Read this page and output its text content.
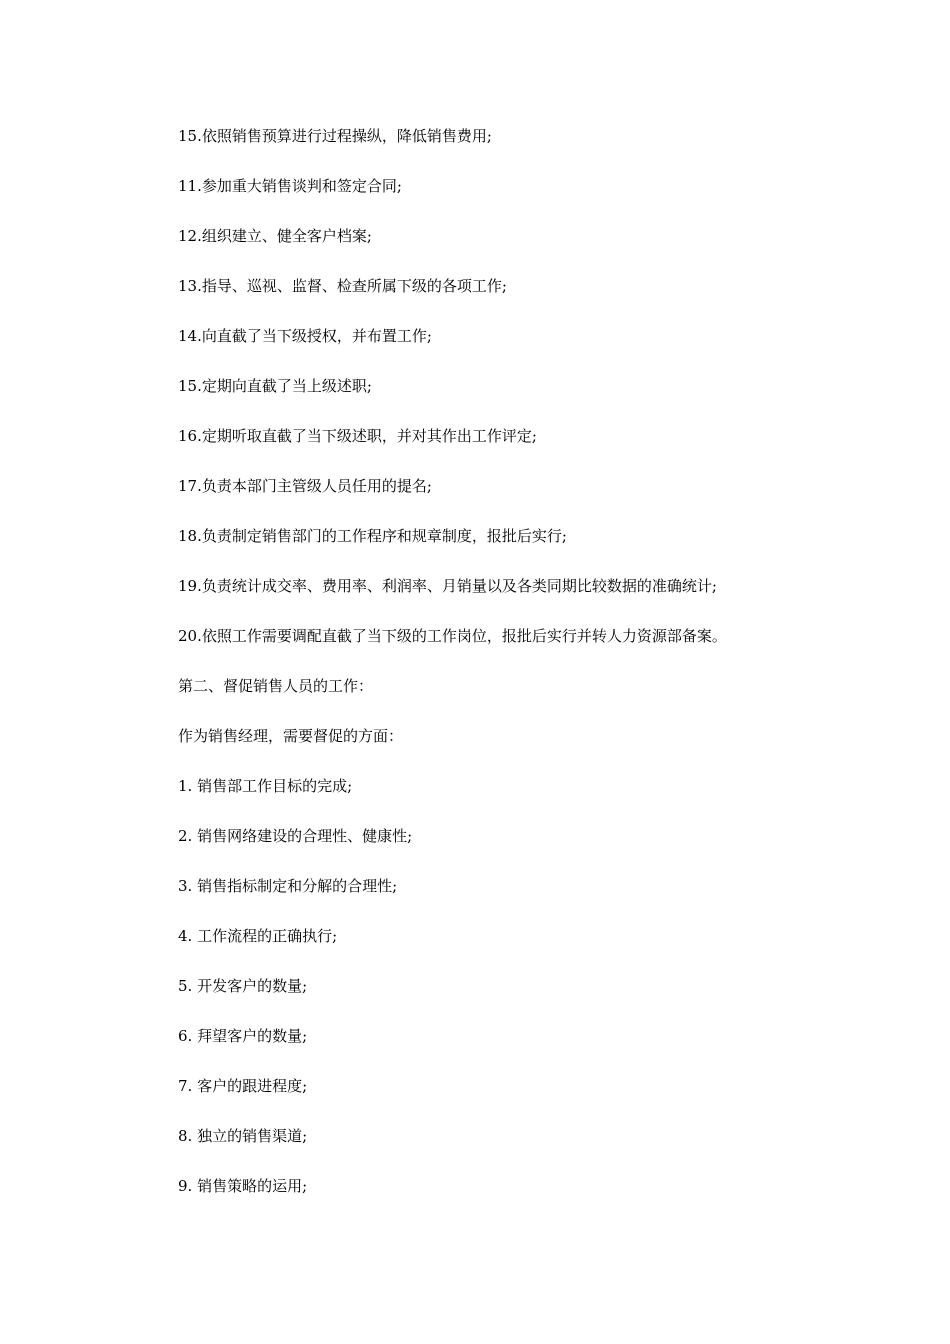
15.依照销售预算进行过程操纵，降低销售费用;

11.参加重大销售谈判和签定合同;

12.组织建立、健全客户档案;

13.指导、巡视、监督、检查所属下级的各项工作;

14.向直截了当下级授权，并布置工作;

15.定期向直截了当上级述职;

16.定期听取直截了当下级述职，并对其作出工作评定;

17.负责本部门主管级人员任用的提名;

18.负责制定销售部门的工作程序和规章制度，报批后实行;

19.负责统计成交率、费用率、利润率、月销量以及各类同期比较数据的准确统计;

20.依照工作需要调配直截了当下级的工作岗位，报批后实行并转人力资源部备案。

第二、督促销售人员的工作：

作为销售经理，需要督促的方面：

1. 销售部工作目标的完成;

2. 销售网络建设的合理性、健康性;

3. 销售指标制定和分解的合理性;

4. 工作流程的正确执行;

5. 开发客户的数量;

6. 拜望客户的数量;

7. 客户的跟进程度;

8. 独立的销售渠道;

9. 销售策略的运用;
